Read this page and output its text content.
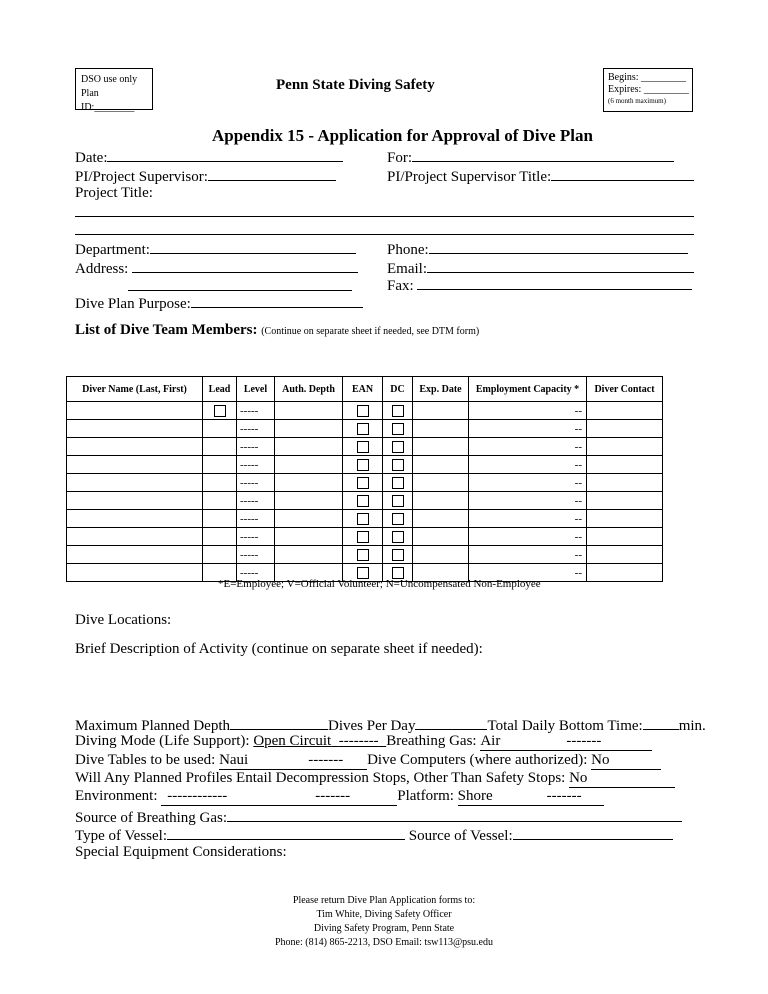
DSO use only
Plan ID:________
Penn State Diving Safety	Begins: _________
Expires: _________
(6 month maximum)
Appendix 15 - Application for Approval of Dive Plan
Date:	For:
PI/Project Supervisor:	PI/Project Supervisor Title:
Project Title:
Department:	Phone:
Address:	Email:
Fax:
Dive Plan Purpose:
List of Dive Team Members: (Continue on separate sheet if needed, see DTM form)
Diver Name (Last, First)	Lead	Level	Auth. Depth	EAN	DC	Exp. Date	Employment Capacity *	Diver Contact
		-----					--	
		-----					--	
		-----					--	
		-----					--	
		-----					--	
		-----					--	
		-----					--	
		-----					--	
		-----					--	
		-----					--	
*E=Employee; V=Official Volunteer; N=Uncompensated Non-Employee
Dive Locations:
Brief Description of Activity (continue on separate sheet if needed):
Maximum Planned Depth	Dives Per Day	Total Daily Bottom Time: min.
Diving Mode (Life Support): Open Circuit -------- Breathing Gas: Air	-------
Dive Tables to be used: Naui	------- Dive Computers (where authorized): No
Will Any Planned Profiles Entail Decompression Stops, Other Than Safety Stops: No
Environment: ------------	-------	Platform: Shore	-------
Source of Breathing Gas:
Type of Vessel:	Source of Vessel:
Special Equipment Considerations:
Please return Dive Plan Application forms to:
Tim White, Diving Safety Officer
Diving Safety Program, Penn State
Phone: (814) 865-2213, DSO Email: tsw113@psu.edu
